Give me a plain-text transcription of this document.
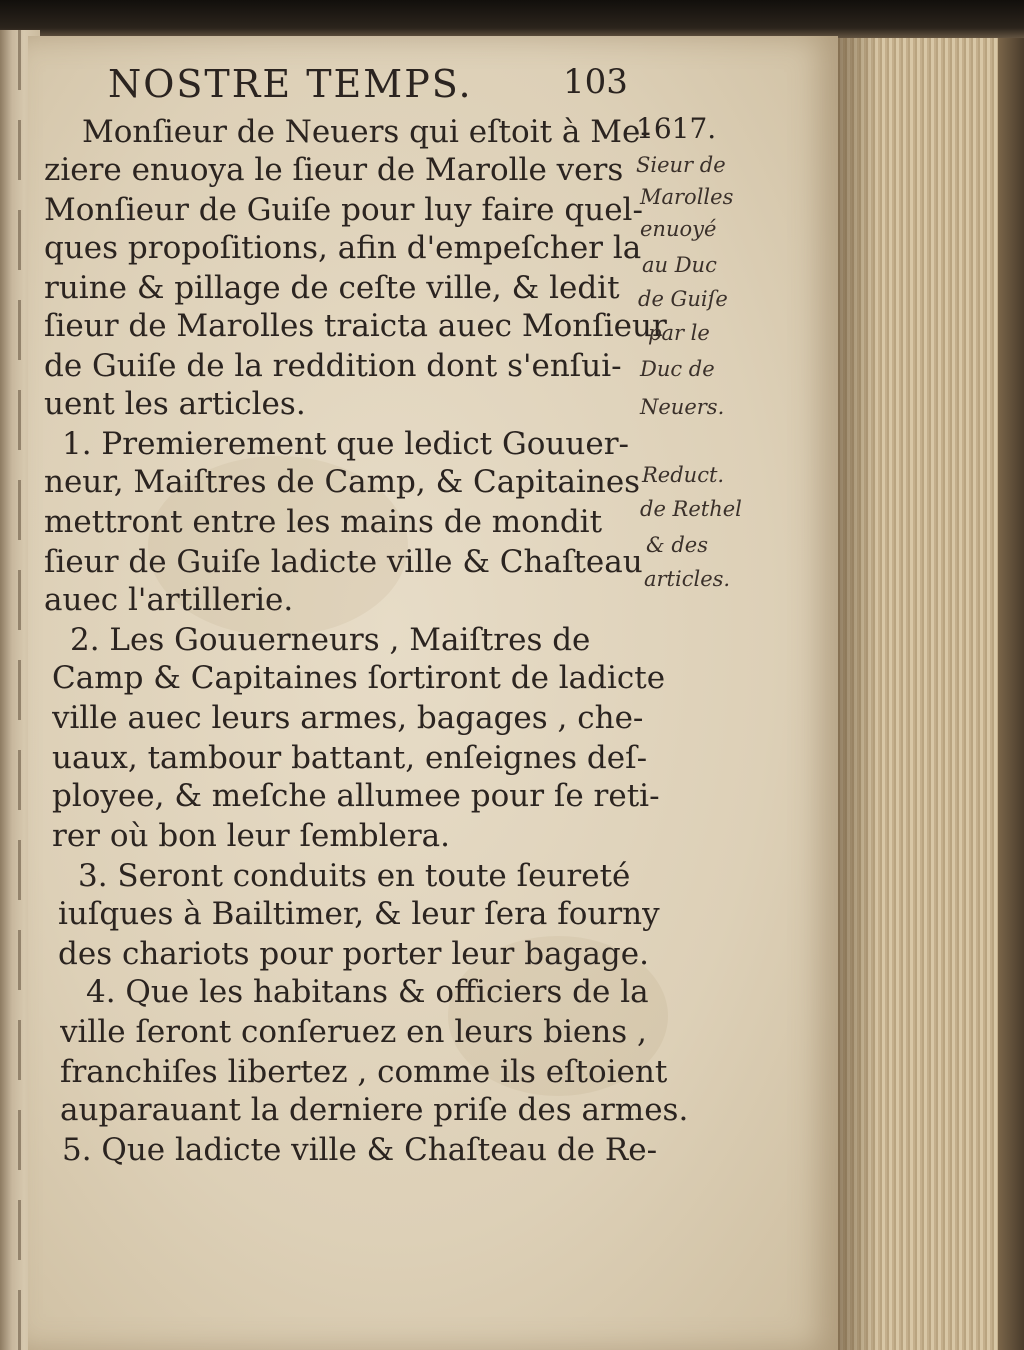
NOSTRE TEMPS.	103
1617.
Monſieur de Neuers qui eſtoit à Me-
ziere enuoya le ſieur de Marolle vers
Monſieur de Guiſe pour luy faire quel-
ques propoſitions, afin d'empeſcher la
ruine & pillage de ceſte ville, & ledit
ſieur de Marolles traicta auec Monſieur
de Guiſe de la reddition dont s'enſui-
uent les articles.
1. Premierement que ledict Gouuer-
neur, Maiſtres de Camp, & Capitaines
mettront entre les mains de mondit
ſieur de Guiſe ladicte ville & Chaſteau
auec l'artillerie.
2. Les Gouuerneurs , Maiſtres de
Camp & Capitaines ſortiront de ladicte
ville auec leurs armes, bagages , che-
uaux, tambour battant, enſeignes deſ-
ployee, & meſche allumee pour ſe reti-
rer où bon leur ſemblera.
3. Seront conduits en toute ſeureté
iuſques à Bailtimer, & leur ſera fourny
des chariots pour porter leur bagage.
4. Que les habitans & officiers de la
ville ſeront conſeruez en leurs biens ,
franchiſes libertez , comme ils eſtoient
auparauant la derniere priſe des armes.
5. Que ladicte ville & Chaſteau de Re-
Sieur de
Marolles
enuoyé
au Duc
de Guiſe
par le
Duc de
Neuers.
Reduct.
de Rethel
& des
articles.
